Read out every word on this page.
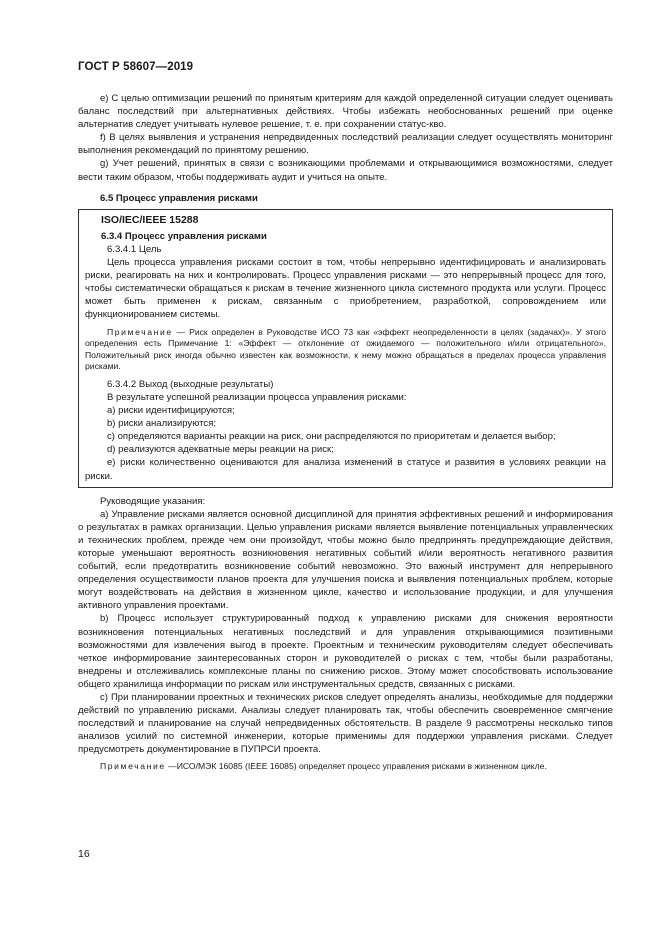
ГОСТ Р 58607—2019

e) С целью оптимизации решений по принятым критериям для каждой определенной ситуации следует оценивать баланс последствий при альтернативных действиях. Чтобы избежать необоснованных решений при оценке альтернатив следует учитывать нулевое решение, т. е. при сохранении статус-кво.

f) В целях выявления и устранения непредвиденных последствий реализации следует осуществлять мониторинг выполнения рекомендаций по принятому решению.

g) Учет решений, принятых в связи с возникающими проблемами и открывающимися возможностями, следует вести таким образом, чтобы поддерживать аудит и учиться на опыте.

6.5 Процесс управления рисками

ISO/IEC/IEEE 15288
6.3.4 Процесс управления рисками

6.3.4.1 Цель

Цель процесса управления рисками состоит в том, чтобы непрерывно идентифицировать и анализировать риски, реагировать на них и контролировать. Процесс управления рисками — это непрерывный процесс для того, чтобы систематически обращаться к рискам в течение жизненного цикла системного продукта или услуги. Процесс может быть применен к рискам, связанным с приобретением, разработкой, сопровождением или функционированием системы.

Примечание — Риск определен в Руководстве ИСО 73 как «эффект неопределенности в целях (задачах)». У этого определения есть Примечание 1: «Эффект — отклонение от ожидаемого — положительного и/или отрицательного». Положительный риск иногда обычно известен как возможности, к нему можно обращаться в пределах процесса управления рисками.

6.3.4.2 Выход (выходные результаты)

В результате успешной реализации процесса управления рисками:

a) риски идентифицируются;

b) риски анализируются;

c) определяются варианты реакции на риск, они распределяются по приоритетам и делается выбор;

d) реализуются адекватные меры реакции на риск;

e) риски количественно оцениваются для анализа изменений в статусе и развития в условиях реакции на риски.

Руководящие указания:

a) Управление рисками является основной дисциплиной для принятия эффективных решений и информирования о результатах в рамках организации. Целью управления рисками является выявление потенциальных управленческих и технических проблем, прежде чем они произойдут, чтобы можно было предпринять предупреждающие действия, которые уменьшают вероятность возникновения негативных событий и/или вероятность негативного развития событий, если предотвратить возникновение событий невозможно. Это важный инструмент для непрерывного определения осуществимости планов проекта для улучшения поиска и выявления потенциальных проблем, которые могут воздействовать на действия в жизненном цикле, качество и использование продукции, и для улучшения активного управления проектами.

b) Процесс использует структурированный подход к управлению рисками для снижения вероятности возникновения потенциальных негативных последствий и для управления открывающимися позитивными возможностями для извлечения выгод в проекте. Проектным и техническим руководителям следует обеспечивать четкое информирование заинтересованных сторон и руководителей о рисках с тем, чтобы были разработаны, внедрены и отслеживались комплексные планы по снижению рисков. Этому может способствовать использование общего хранилища информации по рискам или инструментальных средств, связанных с рисками.

c) При планировании проектных и технических рисков следует определять анализы, необходимые для поддержки действий по управлению рисками. Анализы следует планировать так, чтобы обеспечить своевременное смягчение последствий и планирование на случай непредвиденных обстоятельств. В разделе 9 рассмотрены несколько типов анализов усилий по системной инженерии, которые применимы для поддержки управления рисками. Следует предусмотреть документирование в ПУПРСИ проекта.

Примечание —ИСО/МЭК 16085 (IEEE 16085) определяет процесс управления рисками в жизненном цикле.

16
